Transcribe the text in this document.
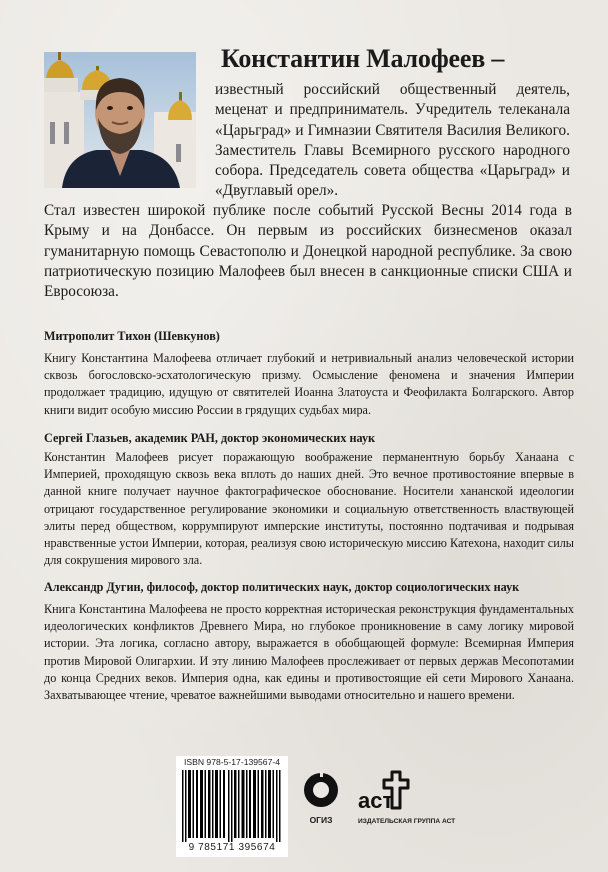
Константин Малофеев –

известный российский общественный деятель, меценат и предприниматель. Учредитель телеканала «Царьград» и Гимназии Святителя Василия Великого. Заместитель Главы Всемирного русского народного собора. Председатель совета общества «Царьград» и «Двуглавый орел».

Стал известен широкой публике после событий Русской Весны 2014 года в Крыму и на Донбассе. Он первым из российских бизнесменов оказал гуманитарную помощь Севастополю и Донецкой народной республике. За свою патриотическую позицию Малофеев был внесен в санкционные списки США и Евросоюза.

Митрополит Тихон (Шевкунов)

Книгу Константина Малофеева отличает глубокий и нетривиальный анализ человеческой истории сквозь богословско-эсхатологическую призму. Осмысление феномена и значения Империи продолжает традицию, идущую от святителей Иоанна Златоуста и Феофилакта Болгарского. Автор книги видит особую миссию России в грядущих судьбах мира.

Сергей Глазьев, академик РАН, доктор экономических наук

Константин Малофеев рисует поражающую воображение перманентную борьбу Ханаана с Империей, проходящую сквозь века вплоть до наших дней. Это вечное противостояние впервые в данной книге получает научное фактографическое обоснование. Носители хананской идеологии отрицают государственное регулирование экономики и социальную ответственность властвующей элиты перед обществом, коррумпируют имперские институты, постоянно подтачивая и подрывая нравственные устои Империи, которая, реализуя свою историческую миссию Катехона, находит силы для сокрушения мирового зла.

Александр Дугин, философ, доктор политических наук, доктор социологических наук

Книга Константина Малофеева не просто корректная историческая реконструкция фундаментальных идеологических конфликтов Древнего Мира, но глубокое проникновение в саму логику мировой истории. Эта логика, согласно автору, выражается в обобщающей формуле: Всемирная Империя против Мировой Олигархии. И эту линию Малофеев прослеживает от первых держав Месопотамии до конца Средних веков. Империя одна, как едины и противостоящие ей сети Мирового Ханаана. Захватывающее чтение, чреватое важнейшими выводами относительно и нашего времени.

ISBN 978-5-17-139567-4
9 785171 395674
ОГИЗ
аст
ИЗДАТЕЛЬСКАЯ ГРУППА АСТ
